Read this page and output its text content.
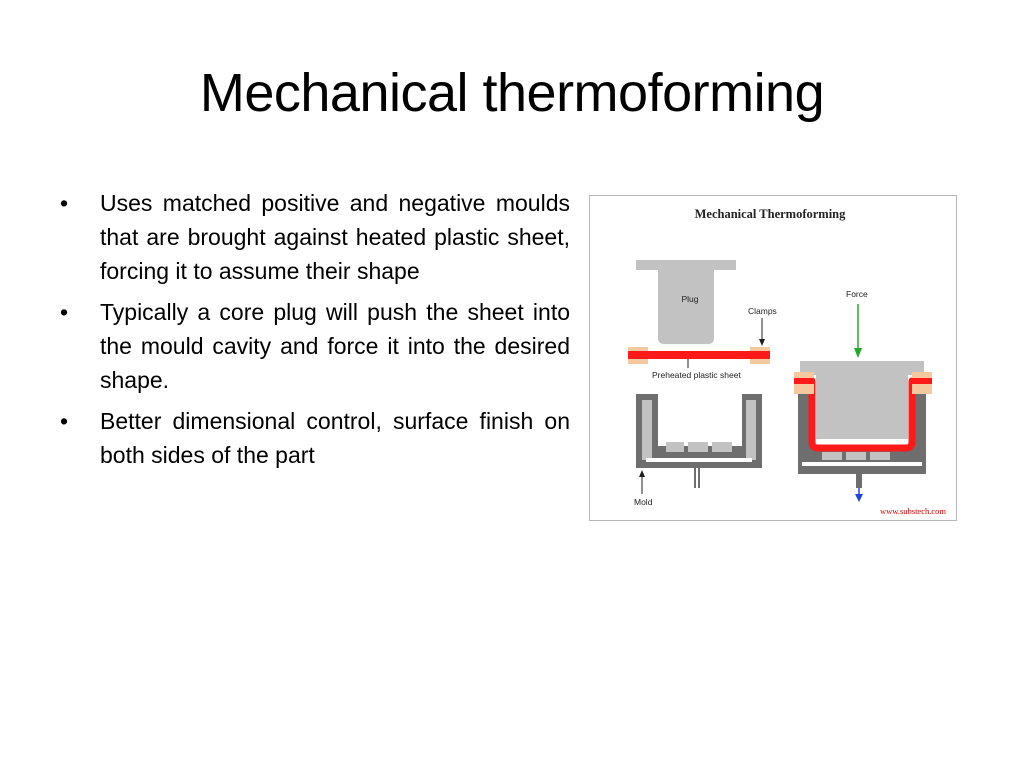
Mechanical thermoforming
• Uses matched positive and negative moulds that are brought against heated plastic sheet, forcing it to assume their shape
• Typically a core plug will push the sheet into the mould cavity and force it into the desired shape.
• Better dimensional control, surface finish on both sides of the part
Mechanical Thermoforming
Plug
Clamps
Preheated plastic sheet
Mold
Force
www.substech.com
